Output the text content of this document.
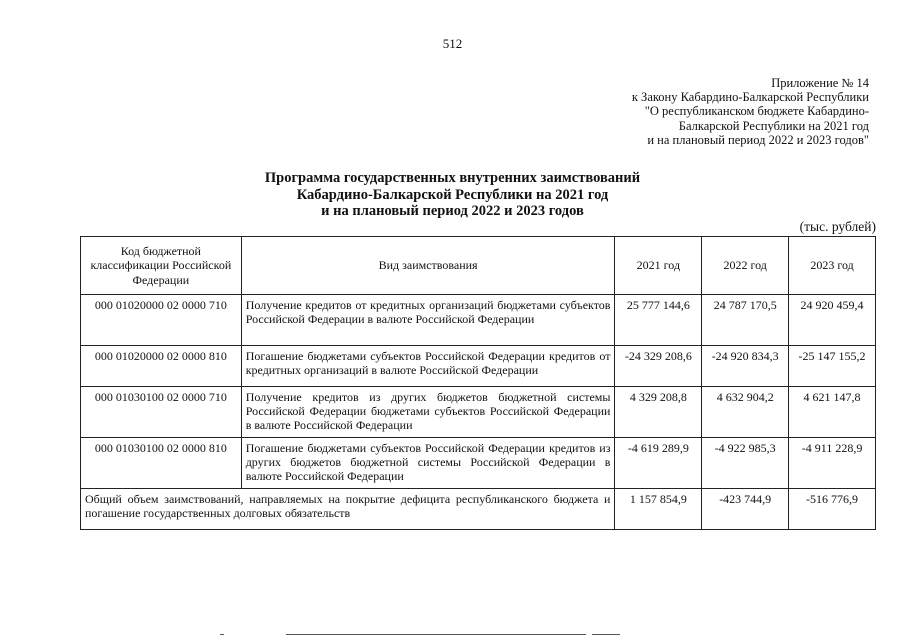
512
Приложение № 14
к Закону Кабардино-Балкарской Республики
"О республиканском бюджете Кабардино-
Балкарской Республики на 2021 год
и на плановый период 2022 и 2023 годов"
Программа государственных внутренних заимствований
Кабардино-Балкарской Республики на 2021 год
и на плановый период 2022 и 2023 годов
(тыс. рублей)
Код бюджетной классификации Российской Федерации	Вид заимствования	2021 год	2022 год	2023 год
000 01020000 02 0000 710	Получение кредитов от кредитных организаций бюджетами субъектов Российской Федерации в валюте Российской Федерации	25 777 144,6	24 787 170,5	24 920 459,4
000 01020000 02 0000 810	Погашение бюджетами субъектов Российской Федерации кредитов от кредитных организаций в валюте Российской Федерации	-24 329 208,6	-24 920 834,3	-25 147 155,2
000 01030100 02 0000 710	Получение кредитов из других бюджетов бюджетной системы Российской Федерации бюджетами субъектов Российской Федерации в валюте Российской Федерации	4 329 208,8	4 632 904,2	4 621 147,8
000 01030100 02 0000 810	Погашение бюджетами субъектов Российской Федерации кредитов из других бюджетов бюджетной системы Российской Федерации в валюте Российской Федерации	-4 619 289,9	-4 922 985,3	-4 911 228,9
Общий объем заимствований, направляемых на покрытие дефицита республиканского бюджета и погашение государственных долговых обязательств		1 157 854,9	-423 744,9	-516 776,9
